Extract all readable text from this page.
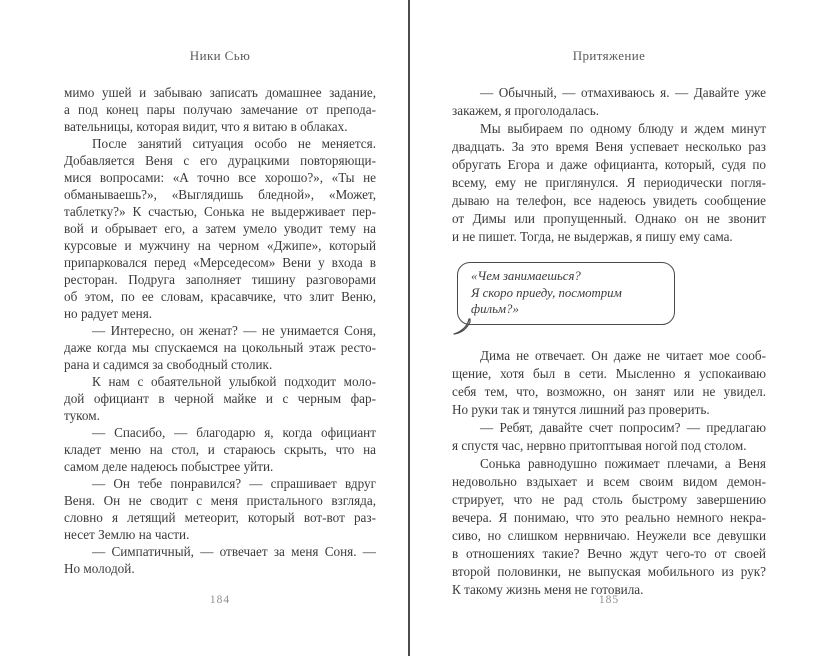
Ники Сью
мимо ушей и забываю записать домашнее задание,
а под конец пары получаю замечание от препода-
вательницы, которая видит, что я витаю в облаках.
После занятий ситуация особо не меняется.
Добавляется Веня с его дурацкими повторяющи-
мися вопросами: «А точно все хорошо?», «Ты не
обманываешь?», «Выглядишь бледной», «Может,
таблетку?» К счастью, Сонька не выдерживает пер-
вой и обрывает его, а затем умело уводит тему на
курсовые и мужчину на черном «Джипе», который
припарковался перед «Мерседесом» Вени у входа в
ресторан. Подруга заполняет тишину разговорами
об этом, по ее словам, красавчике, что злит Веню,
но радует меня.
— Интересно, он женат? — не унимается Соня,
даже когда мы спускаемся на цокольный этаж ресто-
рана и садимся за свободный столик.
К нам с обаятельной улыбкой подходит моло-
дой официант в черной майке и с черным фар-
туком.
— Спасибо, — благодарю я, когда официант
кладет меню на стол, и стараюсь скрыть, что на
самом деле надеюсь побыстрее уйти.
— Он тебе понравился? — спрашивает вдруг
Веня. Он не сводит с меня пристального взгляда,
словно я летящий метеорит, который вот-вот раз-
несет Землю на части.
— Симпатичный, — отвечает за меня Соня. —
Но молодой.
184
Притяжение
— Обычный, — отмахиваюсь я. — Давайте уже
закажем, я проголодалась.
Мы выбираем по одному блюду и ждем минут
двадцать. За это время Веня успевает несколько раз
обругать Егора и даже официанта, который, судя по
всему, ему не приглянулся. Я периодически погля-
дываю на телефон, все надеюсь увидеть сообщение
от Димы или пропущенный. Однако он не звонит
и не пишет. Тогда, не выдержав, я пишу ему сама.
«Чем занимаешься?
Я скоро приеду, посмотрим фильм?»
Дима не отвечает. Он даже не читает мое сооб-
щение, хотя был в сети. Мысленно я успокаиваю
себя тем, что, возможно, он занят или не увидел.
Но руки так и тянутся лишний раз проверить.
— Ребят, давайте счет попросим? — предлагаю
я спустя час, нервно притоптывая ногой под столом.
Сонька равнодушно пожимает плечами, а Веня
недовольно вздыхает и всем своим видом демон-
стрирует, что не рад столь быстрому завершению
вечера. Я понимаю, что это реально немного некра-
сиво, но слишком нервничаю. Неужели все девушки
в отношениях такие? Вечно ждут чего-то от своей
второй половинки, не выпуская мобильного из рук?
К такому жизнь меня не готовила.
185
